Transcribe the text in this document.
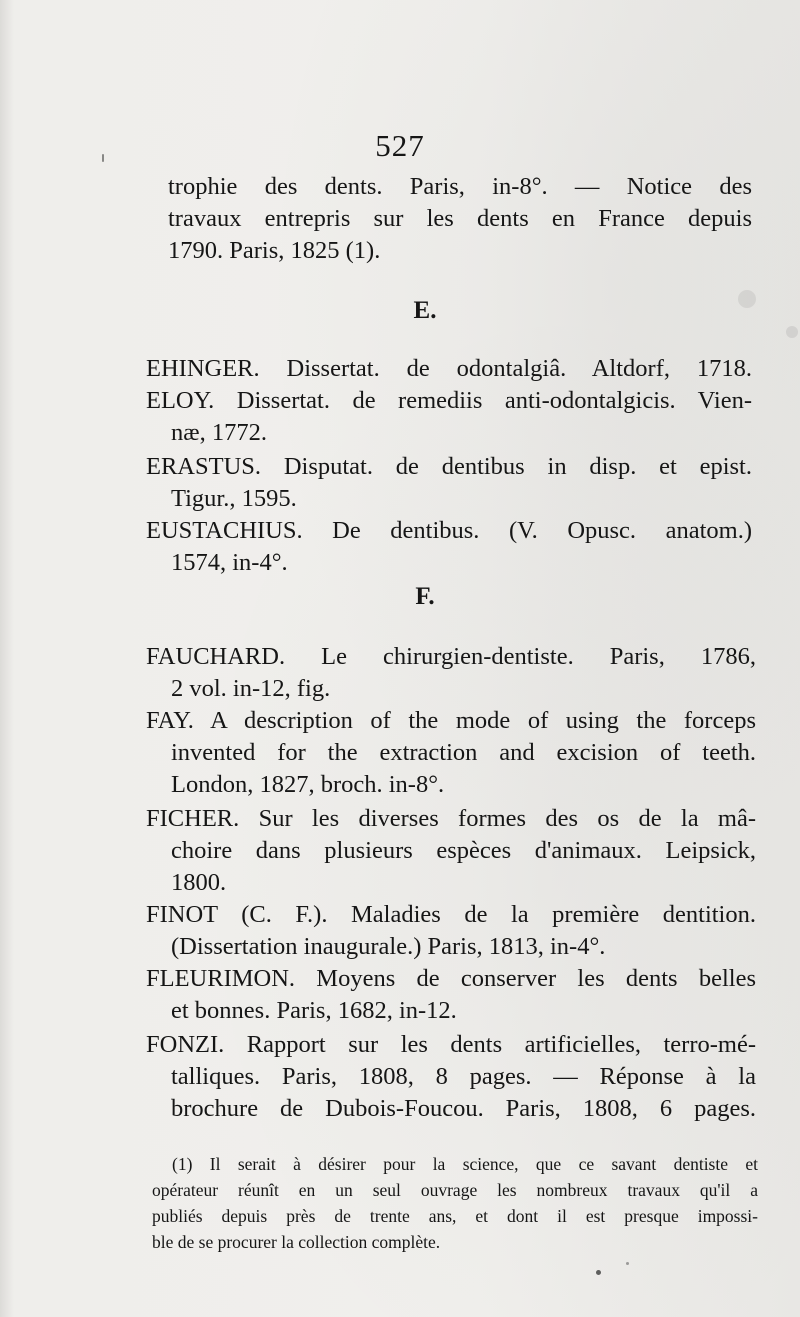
527
trophie des dents. Paris, in-8°. — Notice des
travaux entrepris sur les dents en France depuis
1790. Paris, 1825 (1).
E.
EHINGER. Dissertat. de odontalgiâ. Altdorf, 1718.
ELOY. Dissertat. de remediis anti-odontalgicis. Vien-
næ, 1772.
ERASTUS. Disputat. de dentibus in disp. et epist.
Tigur., 1595.
EUSTACHIUS. De dentibus. (V. Opusc. anatom.)
1574, in-4°.
F.
FAUCHARD. Le chirurgien-dentiste. Paris, 1786,
2 vol. in-12, fig.
FAY. A description of the mode of using the forceps
invented for the extraction and excision of teeth.
London, 1827, broch. in-8°.
FICHER. Sur les diverses formes des os de la mâ-
choire dans plusieurs espèces d'animaux. Leipsick,
1800.
FINOT (C. F.). Maladies de la première dentition.
(Dissertation inaugurale.) Paris, 1813, in-4°.
FLEURIMON. Moyens de conserver les dents belles
et bonnes. Paris, 1682, in-12.
FONZI. Rapport sur les dents artificielles, terro-mé-
talliques. Paris, 1808, 8 pages. — Réponse à la
brochure de Dubois-Foucou. Paris, 1808, 6 pages.
(1) Il serait à désirer pour la science, que ce savant dentiste et
opérateur réunît en un seul ouvrage les nombreux travaux qu'il a
publiés depuis près de trente ans, et dont il est presque impossi-
ble de se procurer la collection complète.
